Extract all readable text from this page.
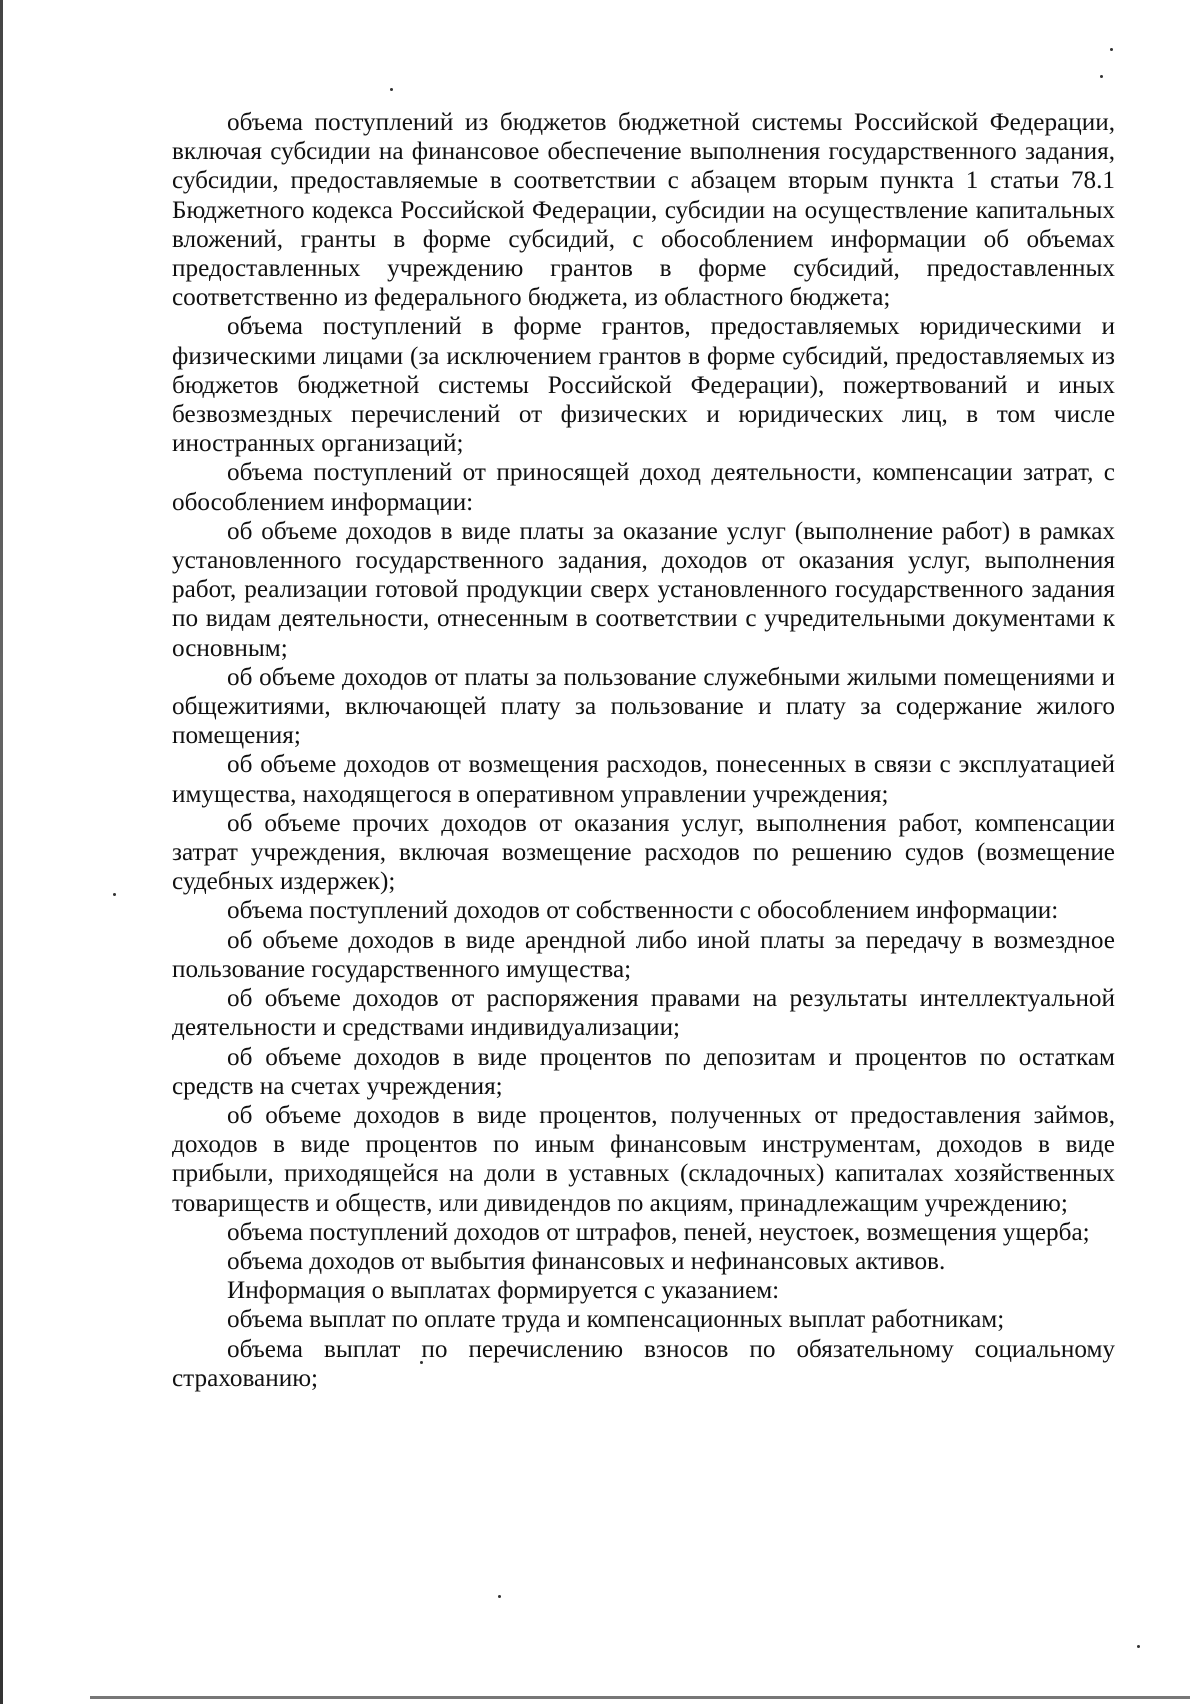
объема поступлений из бюджетов бюджетной системы Российской Федерации, включая субсидии на финансовое обеспечение выполнения государственного задания, субсидии, предоставляемые в соответствии с абзацем вторым пункта 1 статьи 78.1 Бюджетного кодекса Российской Федерации, субсидии на осуществление капитальных вложений, гранты в форме субсидий, с обособлением информации об объемах предоставленных учреждению грантов в форме субсидий, предоставленных соответственно из федерального бюджета, из областного бюджета;

объема поступлений в форме грантов, предоставляемых юридическими и физическими лицами (за исключением грантов в форме субсидий, предоставляемых из бюджетов бюджетной системы Российской Федерации), пожертвований и иных безвозмездных перечислений от физических и юридических лиц, в том числе иностранных организаций;

объема поступлений от приносящей доход деятельности, компенсации затрат, с обособлением информации:

об объеме доходов в виде платы за оказание услуг (выполнение работ) в рамках установленного государственного задания, доходов от оказания услуг, выполнения работ, реализации готовой продукции сверх установленного государственного задания по видам деятельности, отнесенным в соответствии с учредительными документами к основным;

об объеме доходов от платы за пользование служебными жилыми помещениями и общежитиями, включающей плату за пользование и плату за содержание жилого помещения;

об объеме доходов от возмещения расходов, понесенных в связи с эксплуатацией имущества, находящегося в оперативном управлении учреждения;

об объеме прочих доходов от оказания услуг, выполнения работ, компенсации затрат учреждения, включая возмещение расходов по решению судов (возмещение судебных издержек);

объема поступлений доходов от собственности с обособлением информации:

об объеме доходов в виде арендной либо иной платы за передачу в возмездное пользование государственного имущества;

об объеме доходов от распоряжения правами на результаты интеллектуальной деятельности и средствами индивидуализации;

об объеме доходов в виде процентов по депозитам и процентов по остаткам средств на счетах учреждения;

об объеме доходов в виде процентов, полученных от предоставления займов, доходов в виде процентов по иным финансовым инструментам, доходов в виде прибыли, приходящейся на доли в уставных (складочных) капиталах хозяйственных товариществ и обществ, или дивидендов по акциям, принадлежащим учреждению;

объема поступлений доходов от штрафов, пеней, неустоек, возмещения ущерба;

объема доходов от выбытия финансовых и нефинансовых активов.

Информация о выплатах формируется с указанием:

объема выплат по оплате труда и компенсационных выплат работникам;

объема выплат по перечислению взносов по обязательному социальному страхованию;
